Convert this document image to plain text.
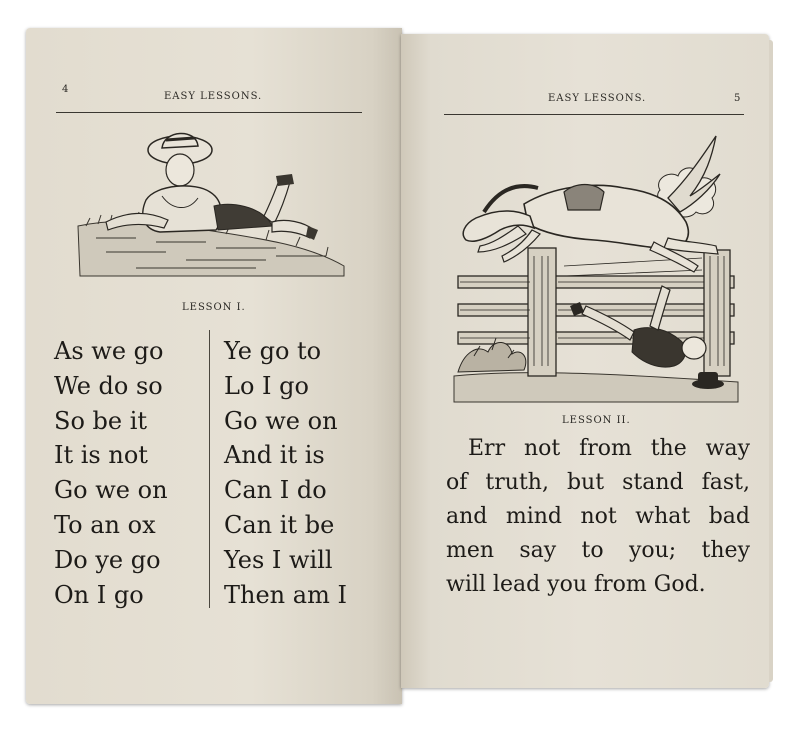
4
EASY LESSONS.
LESSON I.
As we go
We do so
So be it
It is not
Go we on
To an ox
Do ye go
On I go
Ye go to
Lo I go
Go we on
And it is
Can I do
Can it be
Yes I will
Then am I
EASY LESSONS.	5
LESSON II.
Err not from the way
of truth, but stand fast,
and mind not what bad
men say to you; they
will lead you from God.
